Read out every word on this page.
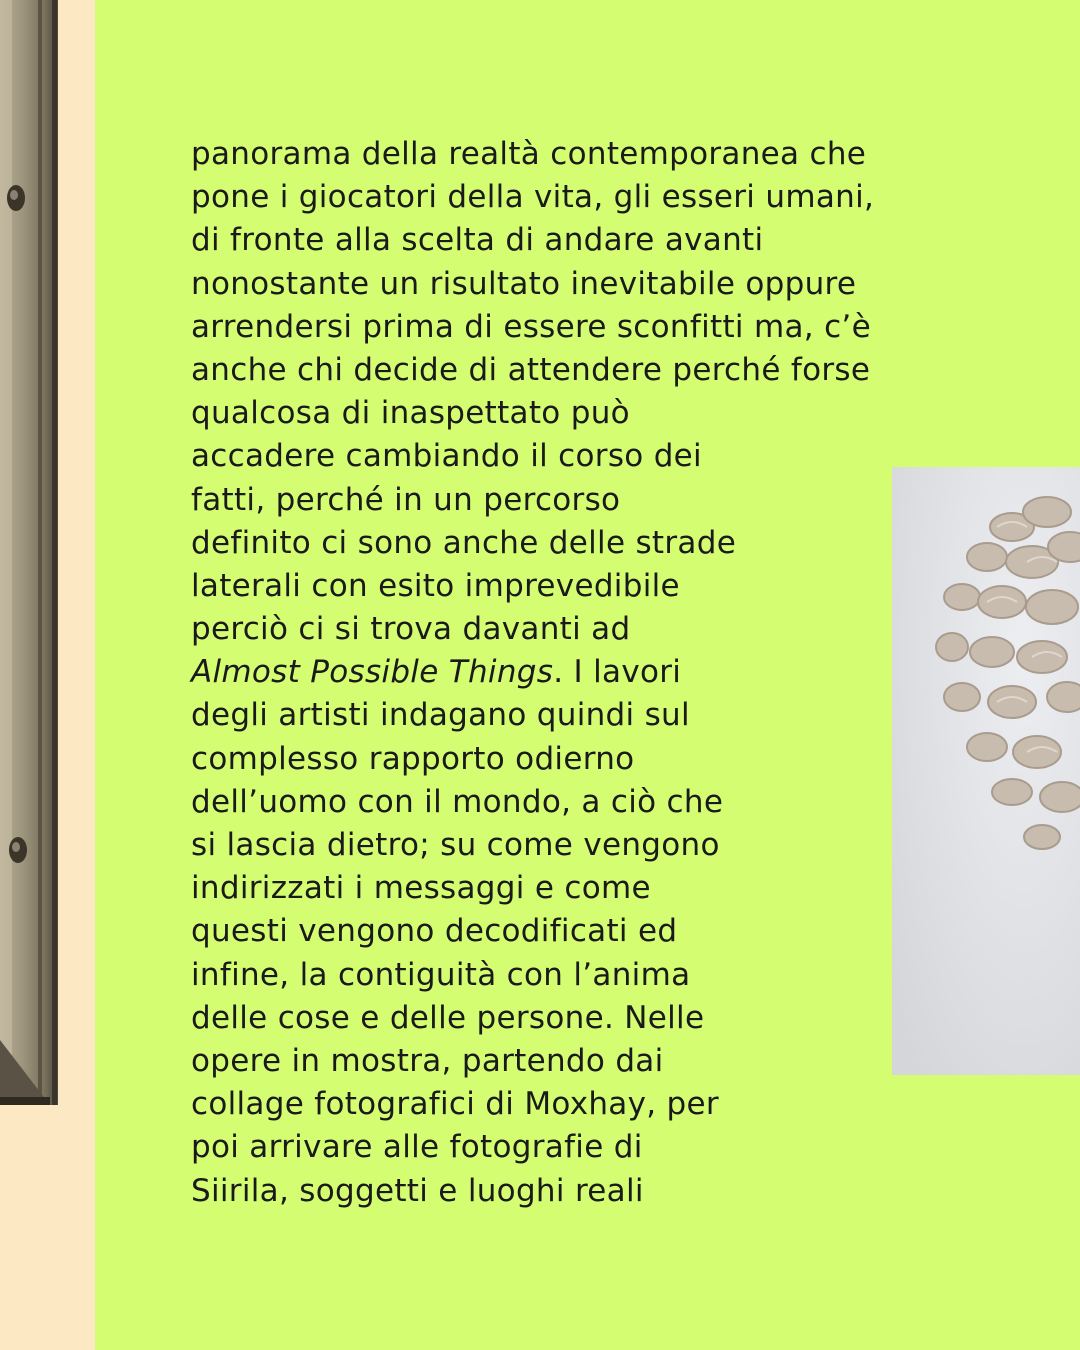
panorama della realtà contemporanea che
pone i giocatori della vita, gli esseri umani,
di fronte alla scelta di andare avanti
nonostante un risultato inevitabile oppure
arrendersi prima di essere sconfitti ma, c’è
anche chi decide di attendere perché forse
qualcosa di inaspettato può
accadere cambiando il corso dei
fatti, perché in un percorso
definito ci sono anche delle strade
laterali con esito imprevedibile
perciò ci si trova davanti ad
Almost Possible Things. I lavori
degli artisti indagano quindi sul
complesso rapporto odierno
dell’uomo con il mondo, a ciò che
si lascia dietro; su come vengono
indirizzati i messaggi e come
questi vengono decodificati ed
infine, la contiguità con l’anima
delle cose e delle persone. Nelle
opere in mostra, partendo dai
collage fotografici di Moxhay, per
poi arrivare alle fotografie di
Siirila, soggetti e luoghi reali
